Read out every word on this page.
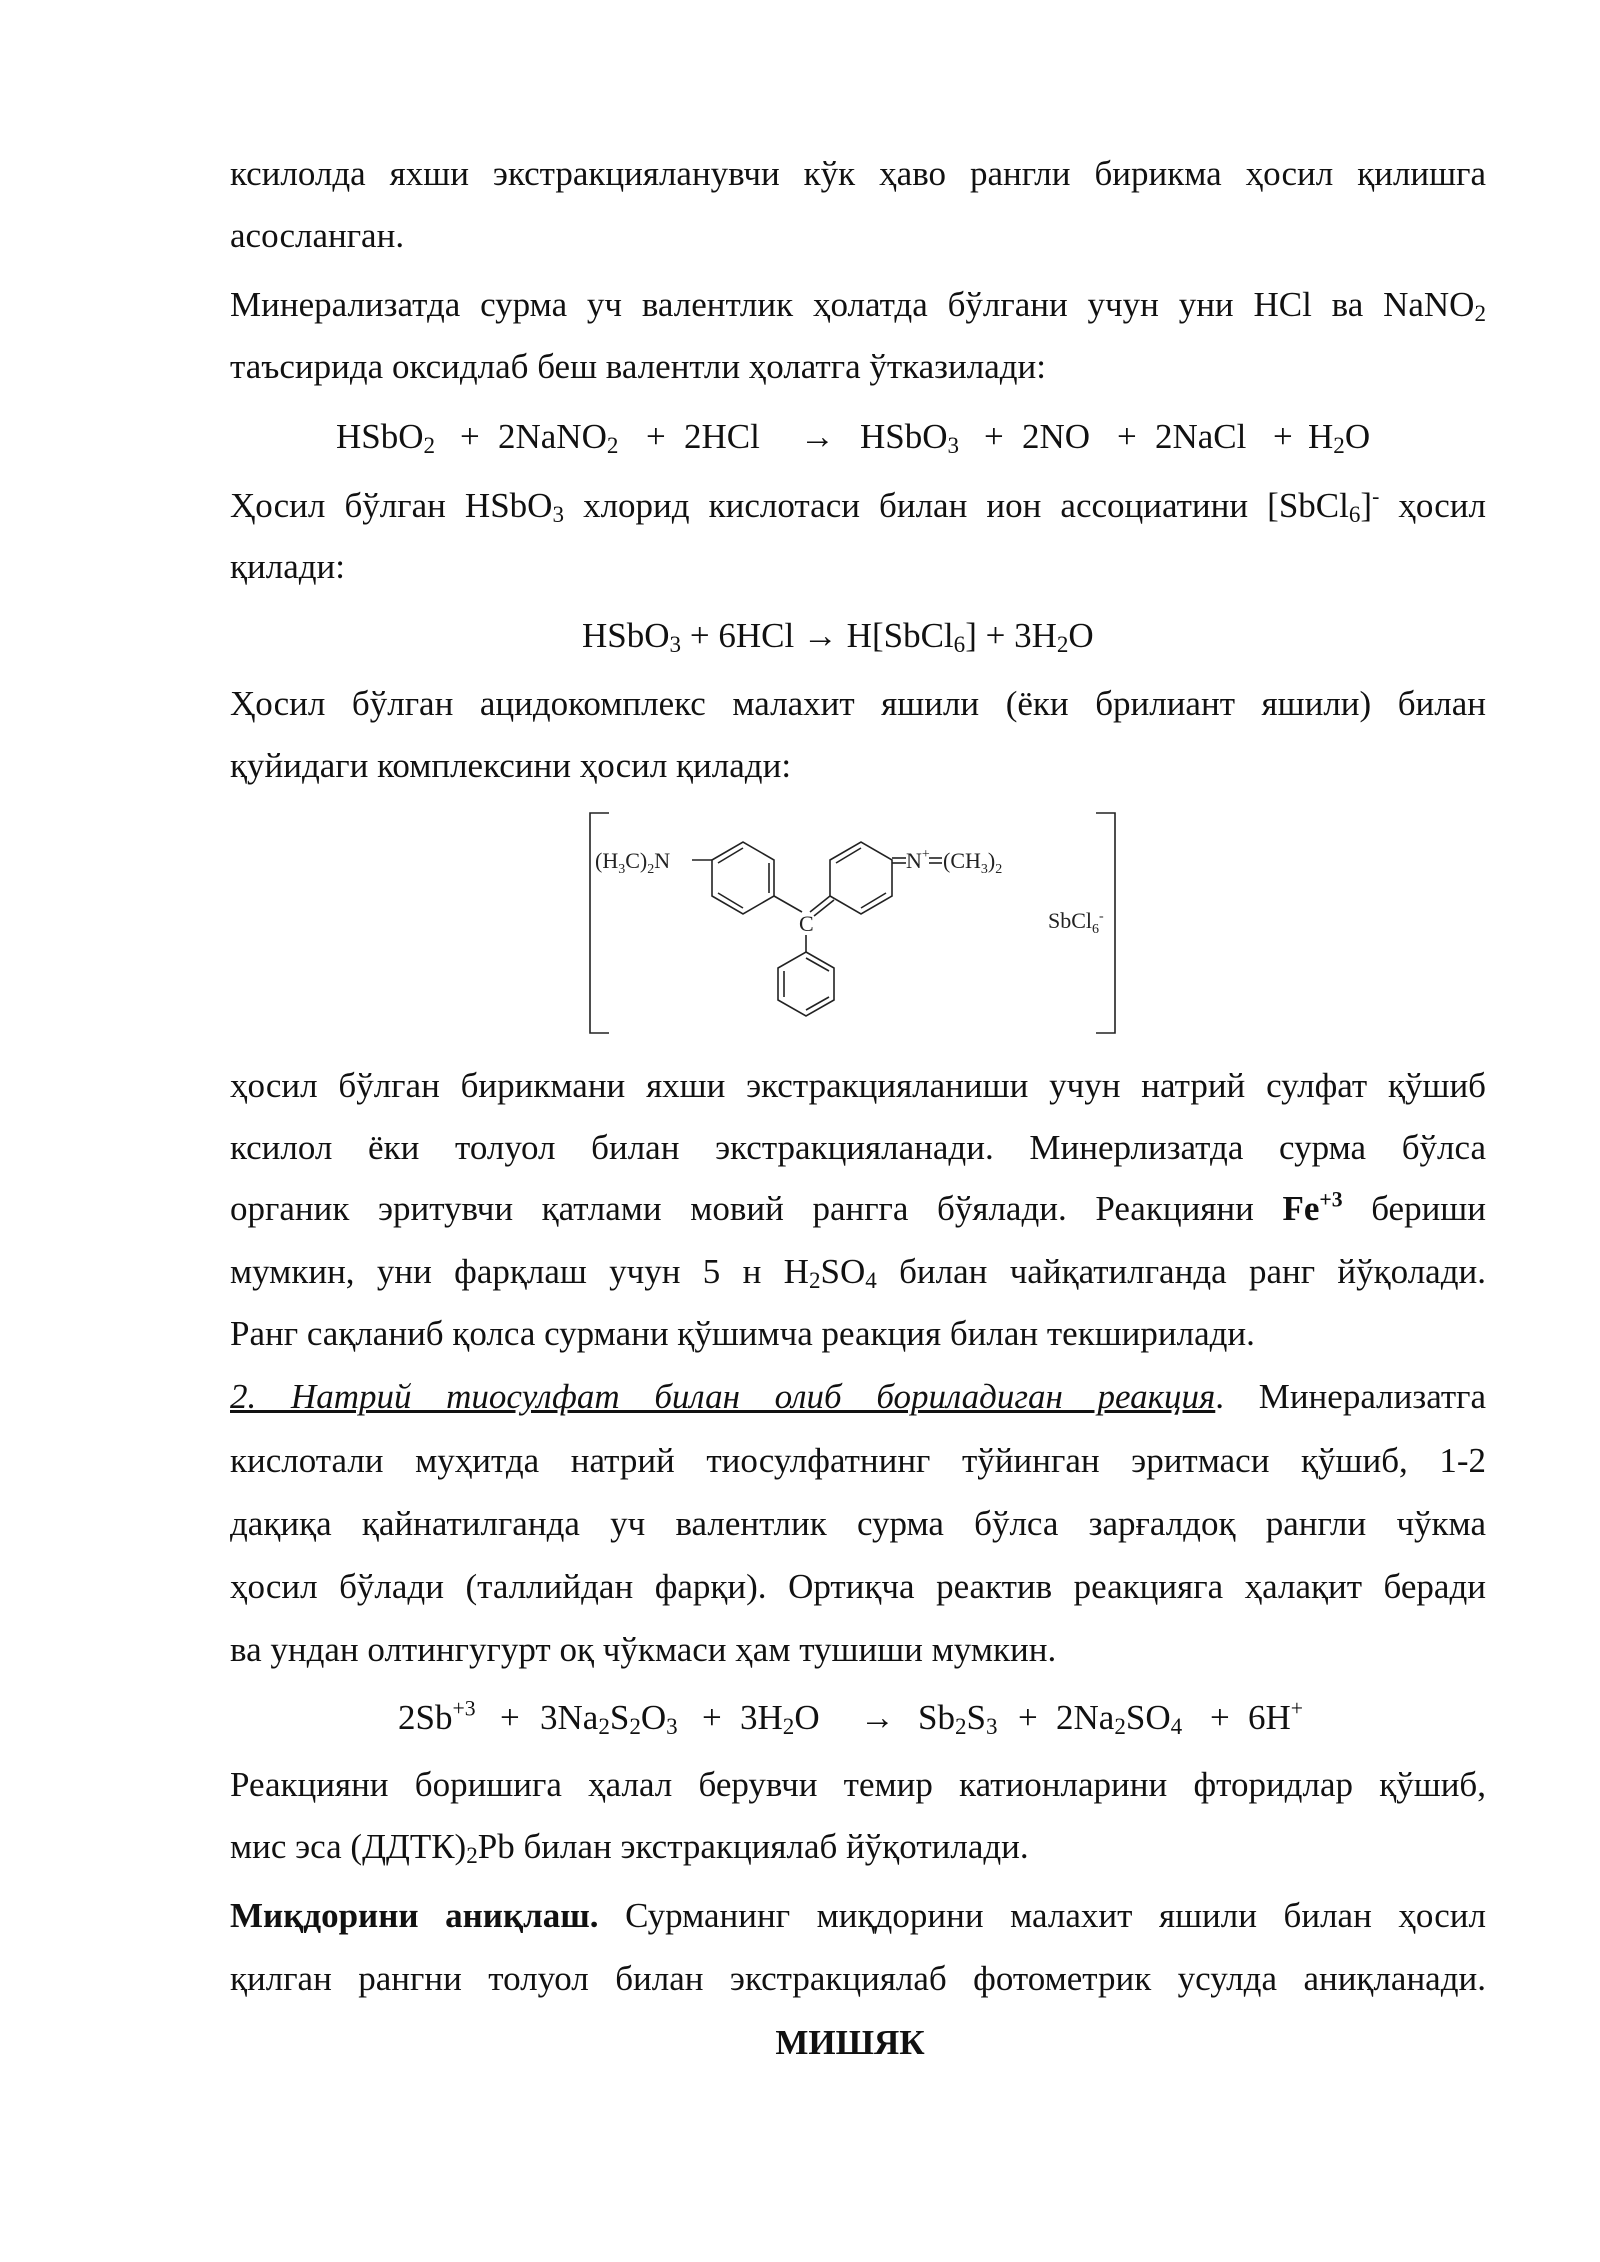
ксилолда яхши экстракцияланувчи кўк ҳаво рангли бирикма ҳосил қилишга
асосланган.
Минерализатда сурма уч валентлик ҳолатда бўлгани учун уни HCl ва NaNO$_2$
таъсирида оксидлаб беш валентли ҳолатга ўтказилади:
HSbO$_2$ + 2NaNO$_2$ + 2HCl → HSbO$_3$ + 2NO + 2NaCl + $H_2O$
Ҳосил бўлган HSbO$_3$ хлорид кислотаси билан ион ассоциатини [SbCl$_6$]- ҳосил
қилади:
HSbO$_3$ + 6HCl → H[SbCl$_6$] + $3H_2O$
Ҳосил бўлган ацидокомплекс малахит яшили (ёки брилиант яшили) билан
қуйидаги комплексини ҳосил қилади:
$(H_3C)_2N$	N+ $(CH_3)_2$
C	SbCl$_6$-
ҳосил бўлган бирикмани яхши экстракцияланиши учун натрий сулфат қўшиб
ксилол ёки толуол билан экстракцияланади. Минерлизатда сурма бўлса
органик эритувчи қатлами мовий рангга бўялади. Реакцияни $Fe^{+3}$ бериши
мумкин, уни фарқлаш учун 5 н $H_2SO_4$ билан чайқатилганда ранг йўқолади.
Ранг сақланиб қолса сурмани қўшимча реакция билан текширилади.
2. Натрий тиосулфат билан олиб бориладиган реакция. Минерализатга
кислотали муҳитда натрий тиосулфатнинг тўйинган эритмаси қўшиб, 1-2
дақиқа қайнатилганда уч валентлик сурма бўлса зарғалдоқ рангли чўкма
ҳосил бўлади (таллийдан фарқи). Ортиқча реактив реакцияга ҳалақит беради
ва ундан олтингугурт оқ чўкмаси ҳам тушиши мумкин.
$2Sb^{+3} + 3Na_2S_2O_3 + 3H_2O \to Sb_2S_3 + 2Na_2SO_4 + 6H^+$
Реакцияни боришига ҳалал берувчи темир катионларини фторидлар қўшиб,
мис эса $(ДДТК)_2Pb$ билан экстракциялаб йўқотилади.
Миқдорини аниқлаш. Сурманинг миқдорини малахит яшили билан ҳосил
қилган рангни толуол билан экстракциялаб фотометрик усулда аниқланади.
МИШЯК
